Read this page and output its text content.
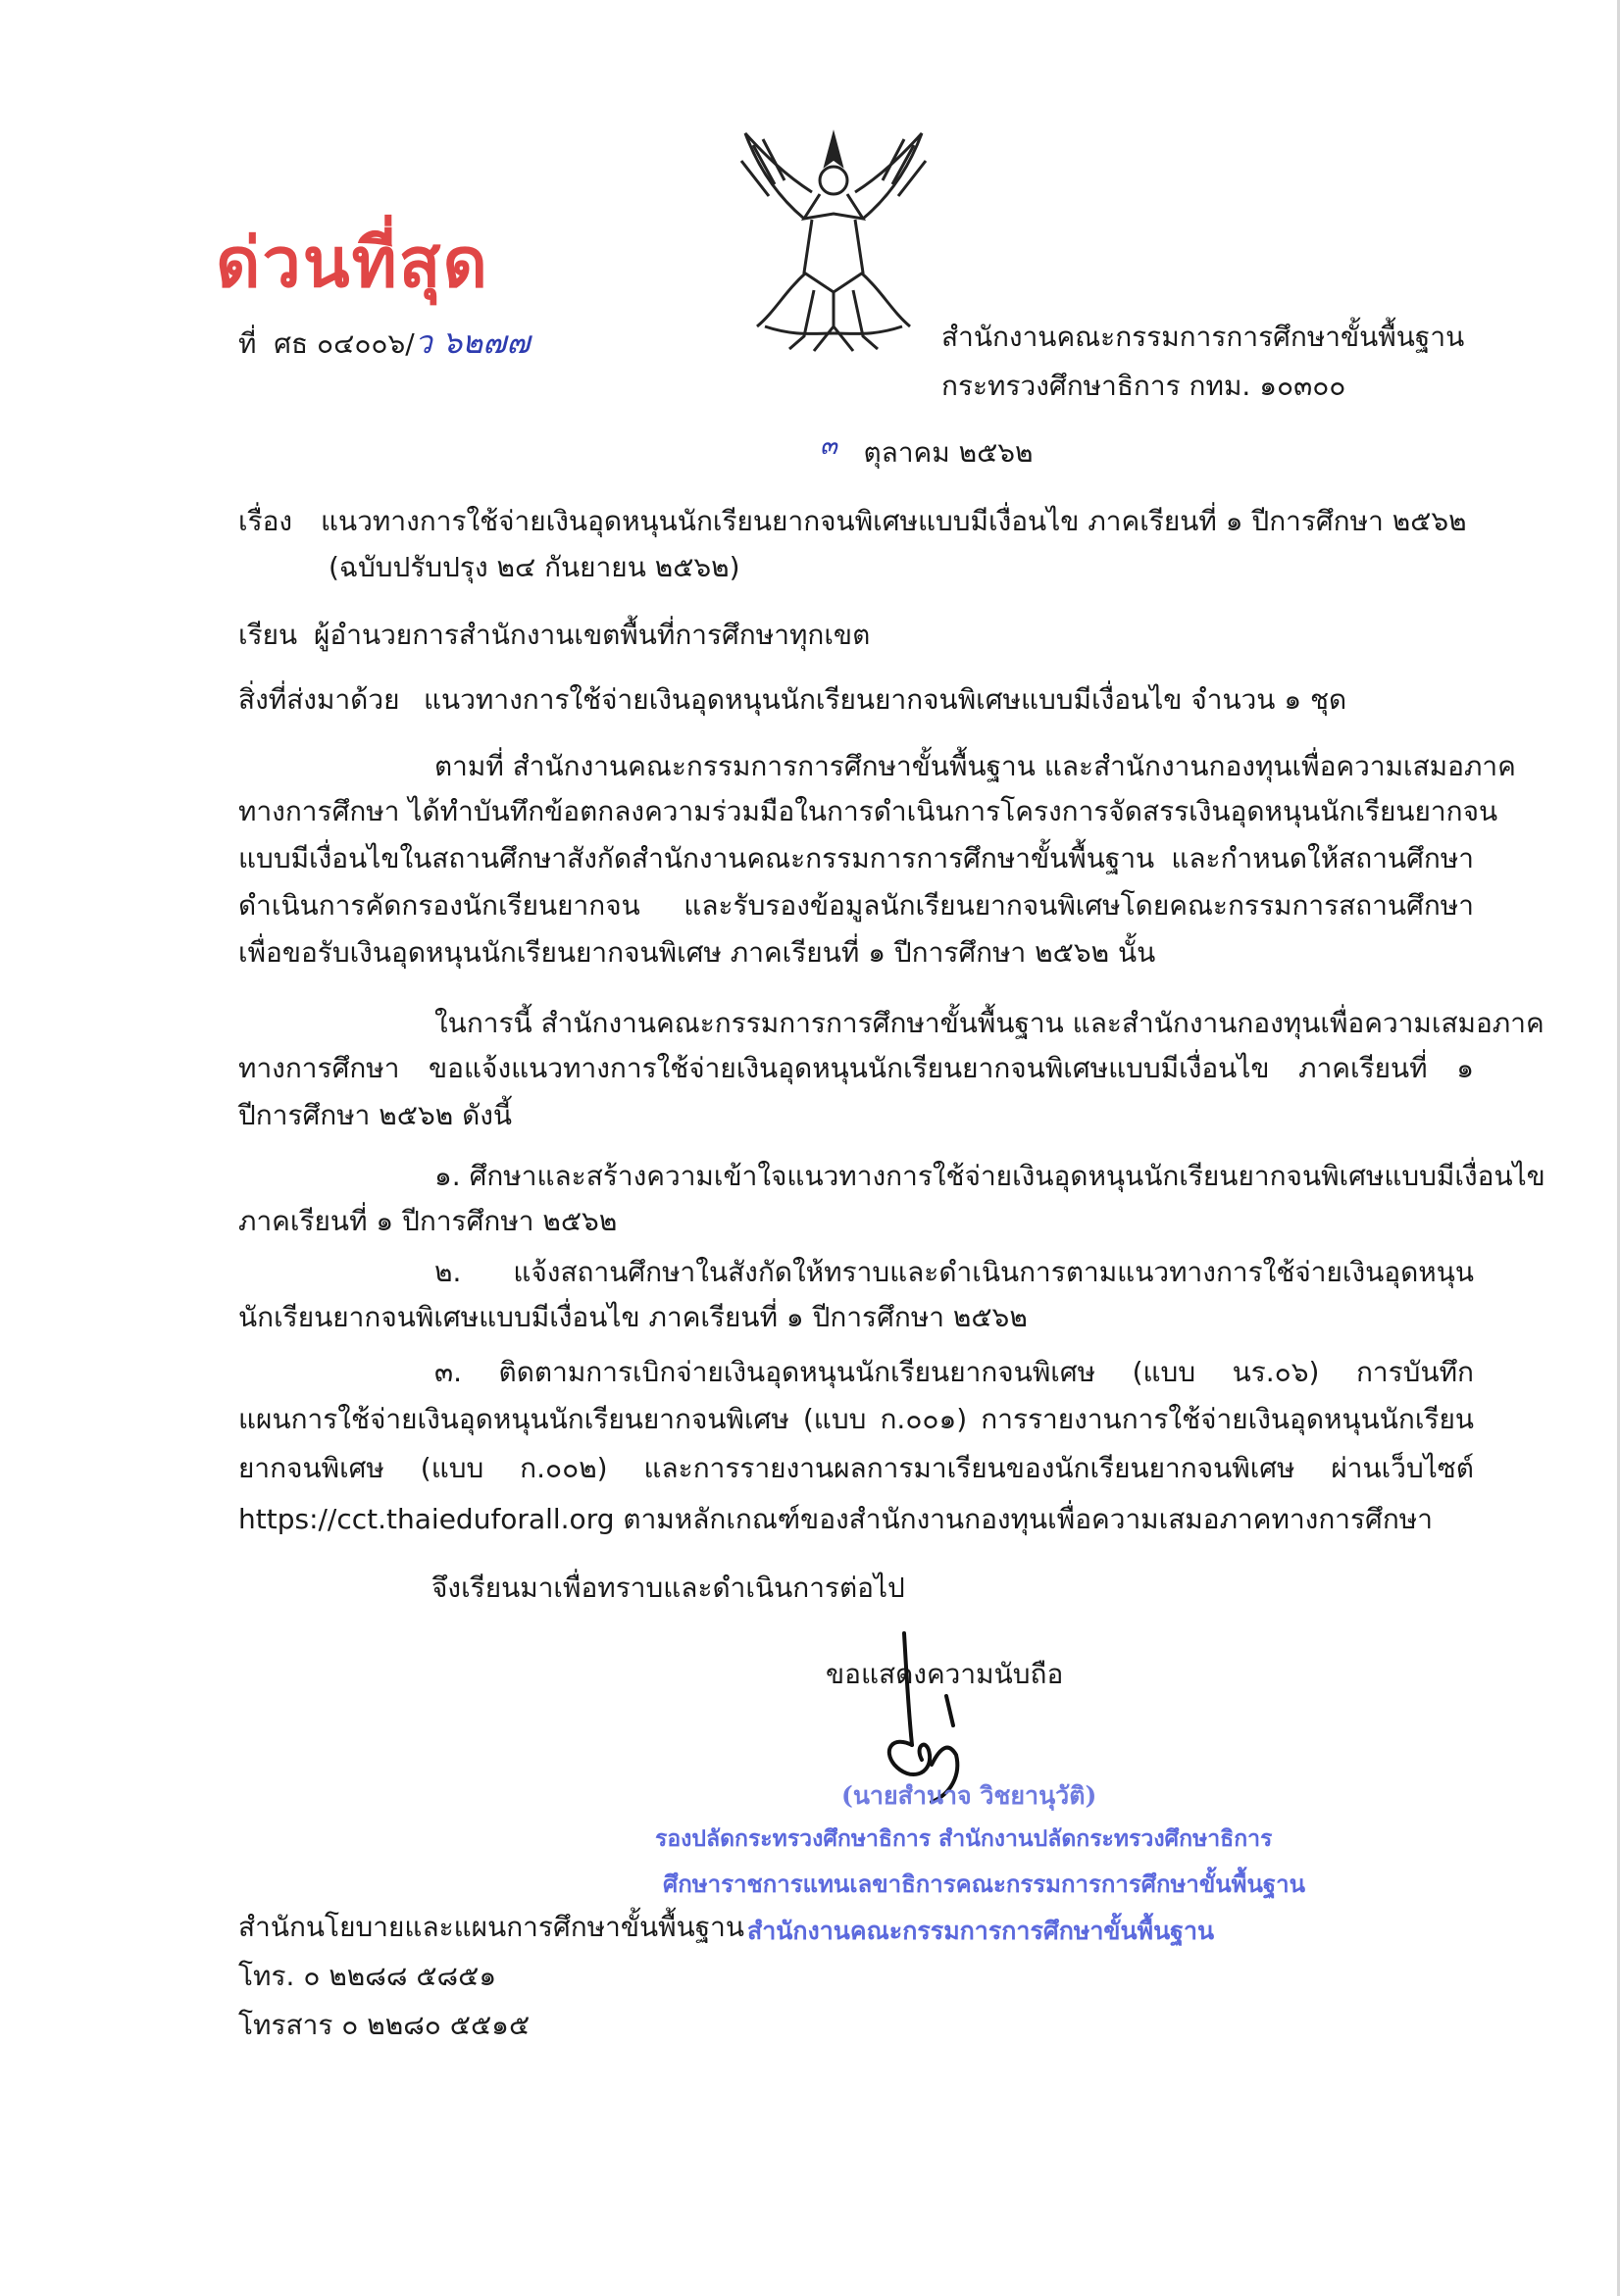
ด่วนที่สุด
ที่ ศธ ๐๔๐๐๖/ว ๖๒๗๗	สำนักงานคณะกรรมการการศึกษาขั้นพื้นฐาน
กระทรวงศึกษาธิการ กทม. ๑๐๓๐๐
๓ ตุลาคม ๒๕๖๒
เรื่อง แนวทางการใช้จ่ายเงินอุดหนุนนักเรียนยากจนพิเศษแบบมีเงื่อนไข ภาคเรียนที่ ๑ ปีการศึกษา ๒๕๖๒
(ฉบับปรับปรุง ๒๔ กันยายน ๒๕๖๒)
เรียน ผู้อำนวยการสำนักงานเขตพื้นที่การศึกษาทุกเขต
สิ่งที่ส่งมาด้วย แนวทางการใช้จ่ายเงินอุดหนุนนักเรียนยากจนพิเศษแบบมีเงื่อนไข จำนวน ๑ ชุด
ตามที่ สำนักงานคณะกรรมการการศึกษาขั้นพื้นฐาน และสำนักงานกองทุนเพื่อความเสมอภาค
ทางการศึกษา ได้ทำบันทึกข้อตกลงความร่วมมือในการดำเนินการโครงการจัดสรรเงินอุดหนุนนักเรียนยากจน
แบบมีเงื่อนไขในสถานศึกษาสังกัดสำนักงานคณะกรรมการการศึกษาขั้นพื้นฐาน และกำหนดให้สถานศึกษา
ดำเนินการคัดกรองนักเรียนยากจน และรับรองข้อมูลนักเรียนยากจนพิเศษโดยคณะกรรมการสถานศึกษา
เพื่อขอรับเงินอุดหนุนนักเรียนยากจนพิเศษ ภาคเรียนที่ ๑ ปีการศึกษา ๒๕๖๒ นั้น
ในการนี้ สำนักงานคณะกรรมการการศึกษาขั้นพื้นฐาน และสำนักงานกองทุนเพื่อความเสมอภาค
ทางการศึกษา ขอแจ้งแนวทางการใช้จ่ายเงินอุดหนุนนักเรียนยากจนพิเศษแบบมีเงื่อนไข ภาคเรียนที่ ๑
ปีการศึกษา ๒๕๖๒ ดังนี้
๑. ศึกษาและสร้างความเข้าใจแนวทางการใช้จ่ายเงินอุดหนุนนักเรียนยากจนพิเศษแบบมีเงื่อนไข
ภาคเรียนที่ ๑ ปีการศึกษา ๒๕๖๒
๒. แจ้งสถานศึกษาในสังกัดให้ทราบและดำเนินการตามแนวทางการใช้จ่ายเงินอุดหนุน
นักเรียนยากจนพิเศษแบบมีเงื่อนไข ภาคเรียนที่ ๑ ปีการศึกษา ๒๕๖๒
๓. ติดตามการเบิกจ่ายเงินอุดหนุนนักเรียนยากจนพิเศษ (แบบ นร.๐๖) การบันทึก
แผนการใช้จ่ายเงินอุดหนุนนักเรียนยากจนพิเศษ (แบบ ก.๐๐๑) การรายงานการใช้จ่ายเงินอุดหนุนนักเรียน
ยากจนพิเศษ (แบบ ก.๐๐๒) และการรายงานผลการมาเรียนของนักเรียนยากจนพิเศษ ผ่านเว็บไซต์
https://cct.thaieduforall.org ตามหลักเกณฑ์ของสำนักงานกองทุนเพื่อความเสมอภาคทางการศึกษา
จึงเรียนมาเพื่อทราบและดำเนินการต่อไป
ขอแสดงความนับถือ
(นายสำนาจ วิชยานุวัติ)
รองปลัดกระทรวงศึกษาธิการ สำนักงานปลัดกระทรวงศึกษาธิการ
ศึกษาราชการแทนเลขาธิการคณะกรรมการการศึกษาขั้นพื้นฐาน
สำนักงานคณะกรรมการการศึกษาขั้นพื้นฐาน
สำนักนโยบายและแผนการศึกษาขั้นพื้นฐาน
โทร. ๐ ๒๒๘๘ ๕๘๕๑
โทรสาร ๐ ๒๒๘๐ ๕๕๑๕
